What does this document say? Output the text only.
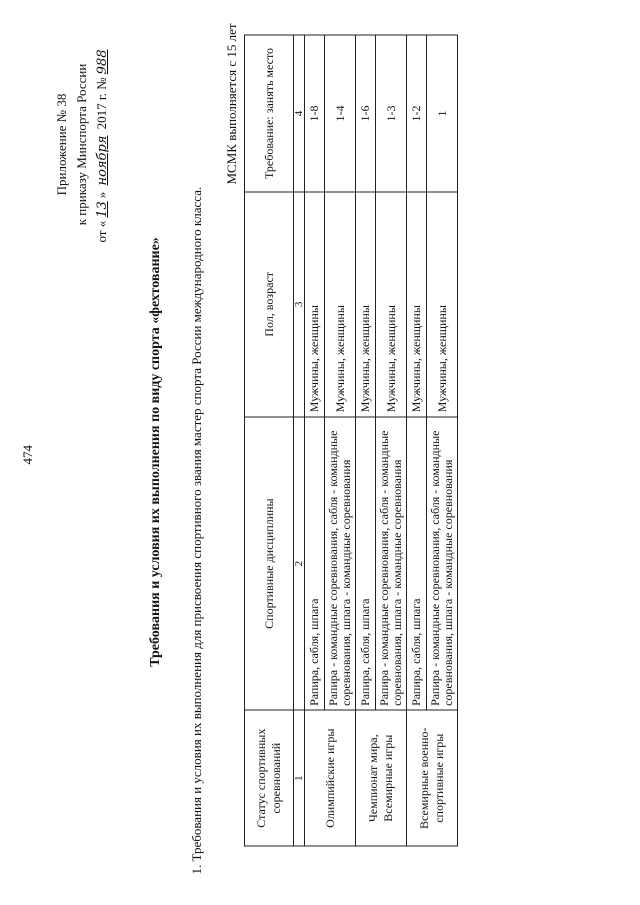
474
Приложение № 38 к приказу Минспорта России
от «13» ноября 2017 г. №988
Требования и условия их выполнения по виду спорта «фехтование» 1. Требования и условия их выполнения для присвоения спортивного звания мастер спорта России международного класса.
МСМК выполняется с 15 лет
Статус спортивных соревнований	Спортивные дисциплины	Пол, возраст	Требование: занять место
1	2	3	4
Олимпийские игры	Рапира, сабля, шпага	Мужчины, женщины	1-8
	Рапира - командные соревнования, сабля - командные соревнования, шпага - командные соревнования	Мужчины, женщины	1-4
Чемпионат мира, Всемирные игры	Рапира, сабля, шпага	Мужчины, женщины	1-6
	Рапира - командные соревнования, сабля - командные соревнования, шпага - командные соревнования	Мужчины, женщины	1-3
Всемирные военно-спортивные игры	Рапира, сабля, шпага	Мужчины, женщины	1-2
	Рапира - командные соревнования, сабля - командные соревнования, шпага - командные соревнования	Мужчины, женщины	1
